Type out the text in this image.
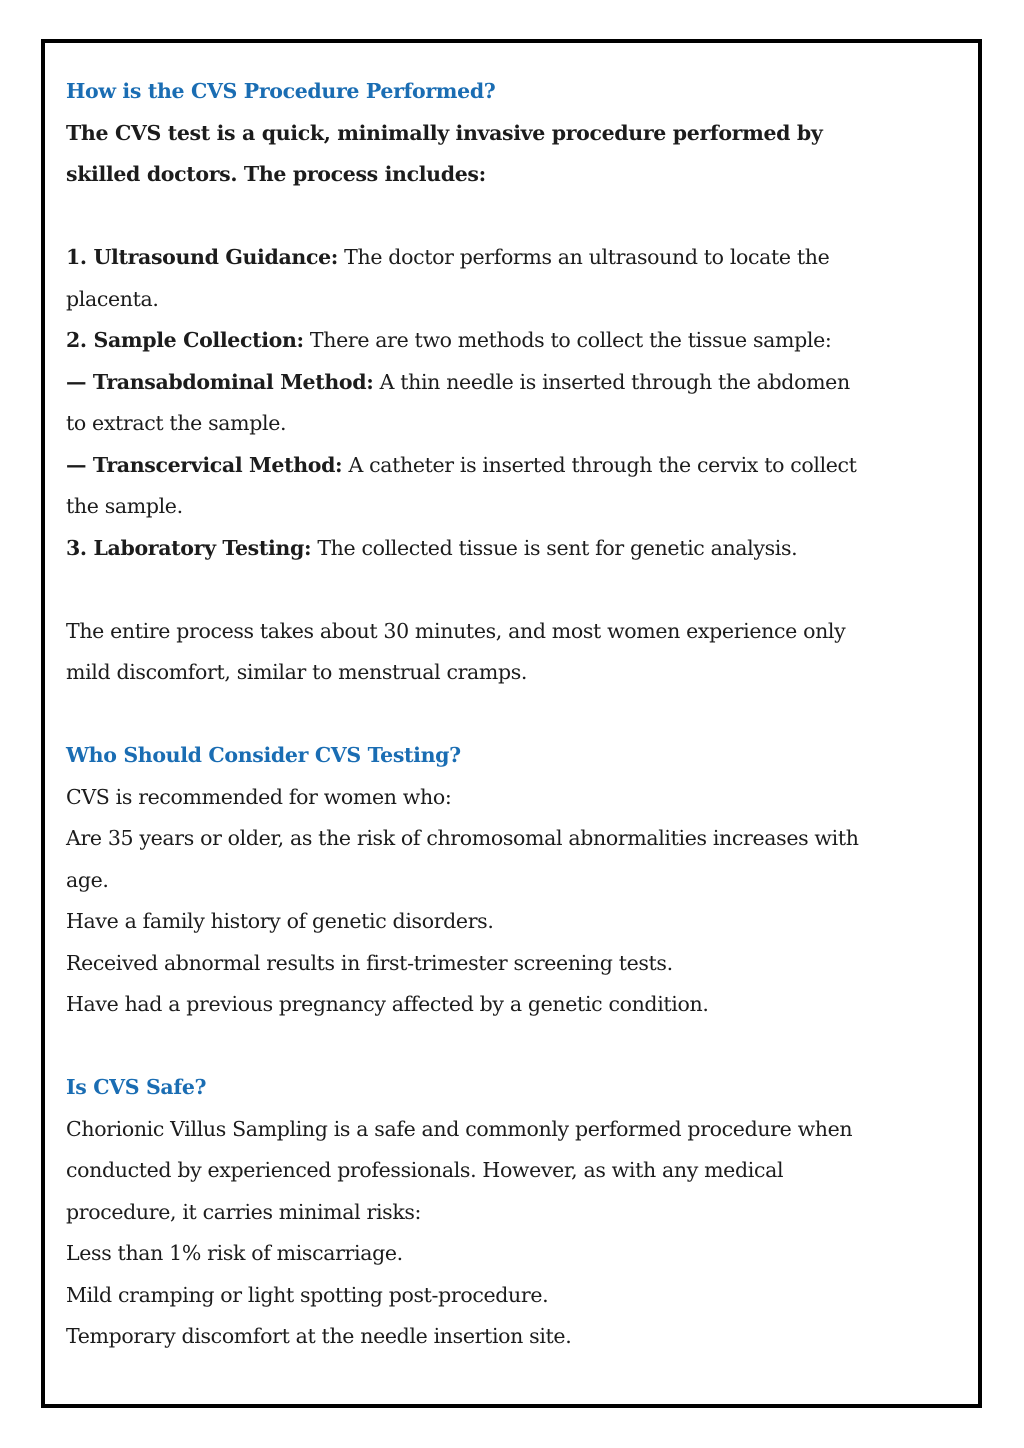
How is the CVS Procedure Performed?
The CVS test is a quick, minimally invasive procedure performed by
skilled doctors. The process includes:
1. Ultrasound Guidance: The doctor performs an ultrasound to locate the
placenta.
2. Sample Collection: There are two methods to collect the tissue sample:
— Transabdominal Method: A thin needle is inserted through the abdomen
to extract the sample.
— Transcervical Method: A catheter is inserted through the cervix to collect
the sample.
3. Laboratory Testing: The collected tissue is sent for genetic analysis.
The entire process takes about 30 minutes, and most women experience only
mild discomfort, similar to menstrual cramps.
Who Should Consider CVS Testing?
CVS is recommended for women who:
Are 35 years or older, as the risk of chromosomal abnormalities increases with
age.
Have a family history of genetic disorders.
Received abnormal results in first-trimester screening tests.
Have had a previous pregnancy affected by a genetic condition.
Is CVS Safe?
Chorionic Villus Sampling is a safe and commonly performed procedure when
conducted by experienced professionals. However, as with any medical
procedure, it carries minimal risks:
Less than 1% risk of miscarriage.
Mild cramping or light spotting post-procedure.
Temporary discomfort at the needle insertion site.
